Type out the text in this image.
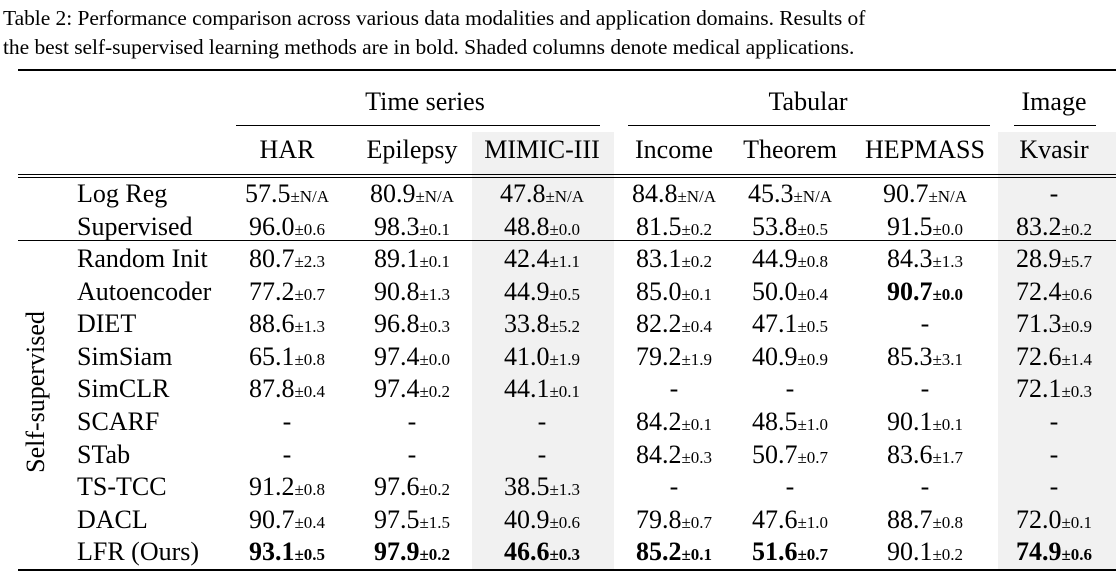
Table 2: Performance comparison across various data modalities and application domains. Results of
the best self-supervised learning methods are in bold. Shaded columns denote medical applications.
Time series	Tabular	Image
Self-supervised
HAR Epilepsy MIMIC-III Income Theorem HEPMASS Kvasir
Log Reg	57.5±N/A 80.9±N/A 47.8±N/A 84.8±N/A 45.3±N/A 90.7±N/A	-
Supervised 96.0±0.6 98.3±0.1 48.8±0.0 81.5±0.2 53.8±0.5 91.5±0.0 83.2±0.2
Random Init 80.7±2.3 89.1±0.1 42.4±1.1 83.1±0.2 44.9±0.8 84.3±1.3 28.9±5.7
Autoencoder 77.2±0.7 90.8±1.3 44.9±0.5 85.0±0.1 50.0±0.4 90.7±0.0 72.4±0.6
DIET	88.6±1.3 96.8±0.3 33.8±5.2 82.2±0.4 47.1±0.5	-	71.3±0.9
SimSiam	65.1±0.8 97.4±0.0 41.0±1.9 79.2±1.9 40.9±0.9 85.3±3.1 72.6±1.4
SimCLR	87.8±0.4 97.4±0.2 44.1±0.1	-	-	-	72.1±0.3
SCARF	-	-	-	84.2±0.1 48.5±1.0 90.1±0.1	-
STab	-	-	-	84.2±0.3 50.7±0.7 83.6±1.7	-
TS-TCC	91.2±0.8 97.6±0.2 38.5±1.3	-	-	-	-
DACL	90.7±0.4 97.5±1.5 40.9±0.6 79.8±0.7 47.6±1.0 88.7±0.8 72.0±0.1
LFR (Ours) 93.1±0.5 97.9±0.2 46.6±0.3 85.2±0.1 51.6±0.7 90.1±0.2 74.9±0.6
